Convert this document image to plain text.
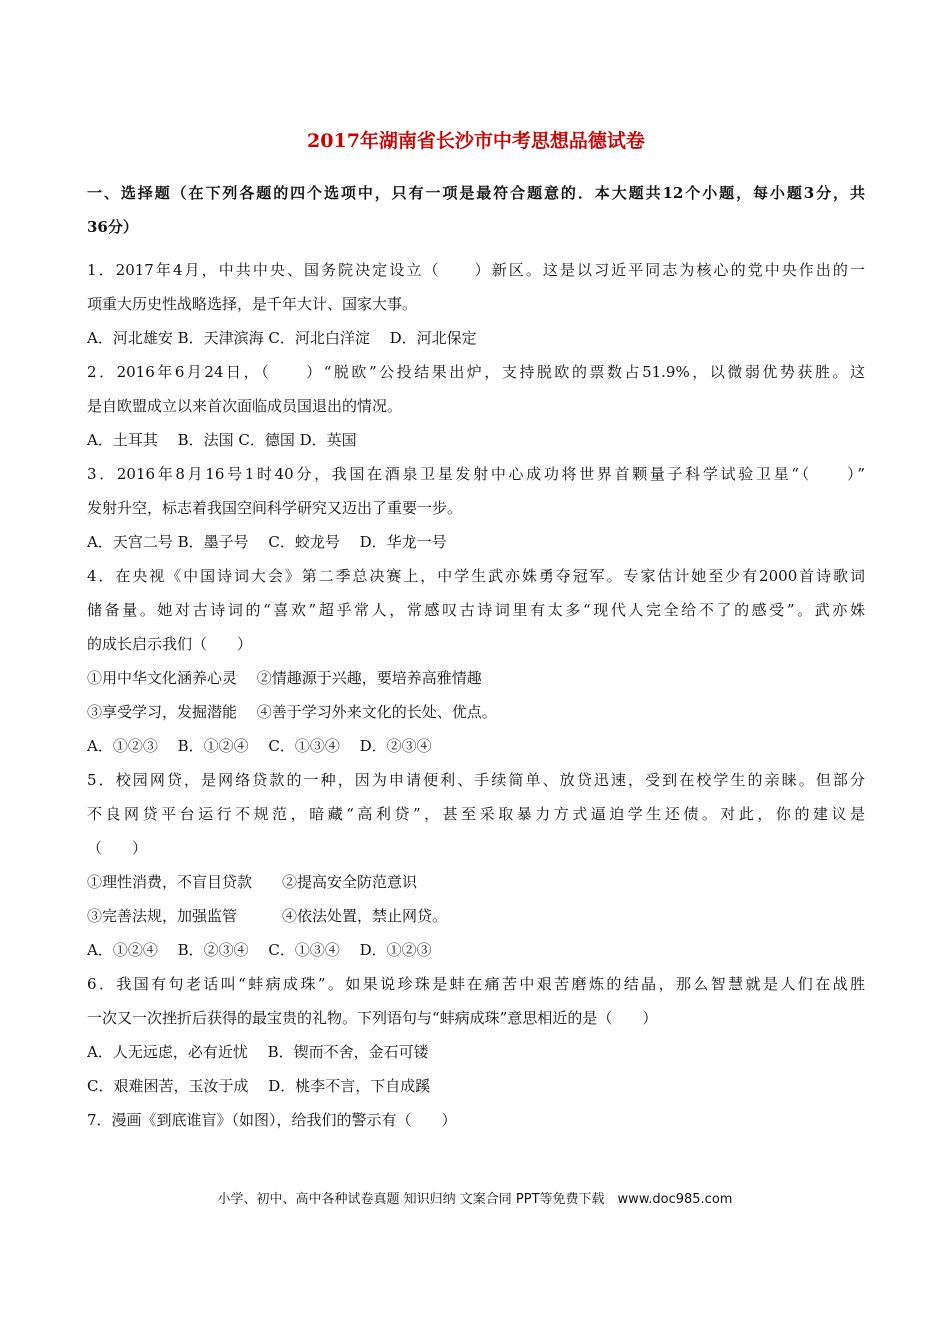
2017年湖南省长沙市中考思想品德试卷
一、选择题（在下列各题的四个选项中，只有一项是最符合题意的．本大题共12个小题，每小题3分，共
36分）
1．2017年4月，中共中央、国务院决定设立（　　）新区。这是以习近平同志为核心的党中央作出的一
项重大历史性战略选择，是千年大计、国家大事。
A．河北雄安 B．天津滨海 C．河北白洋淀　 D．河北保定
2．2016年6月24日，（　　）“脱欧”公投结果出炉，支持脱欧的票数占51.9%，以微弱优势获胜。这
是自欧盟成立以来首次面临成员国退出的情况。
A．土耳其　 B．法国 C．德国 D．英国
3．2016年8月16号1时40分，我国在酒泉卫星发射中心成功将世界首颗量子科学试验卫星“（　　）”
发射升空，标志着我国空间科学研究又迈出了重要一步。
A．天宫二号 B．墨子号　 C．蛟龙号　 D．华龙一号
4．在央视《中国诗词大会》第二季总决赛上，中学生武亦姝勇夺冠军。专家估计她至少有2000首诗歌词
储备量。她对古诗词的“喜欢”超乎常人，常感叹古诗词里有太多“现代人完全给不了的感受”。武亦姝
的成长启示我们（　　）
①用中华文化涵养心灵　 ②情趣源于兴趣，要培养高雅情趣
③享受学习，发掘潜能　 ④善于学习外来文化的长处、优点。
A．①②③　 B．①②④　 C．①③④　 D．②③④
5．校园网贷，是网络贷款的一种，因为申请便利、手续简单、放贷迅速，受到在校学生的亲睐。但部分
不良网贷平台运行不规范，暗藏“高利贷”，甚至采取暴力方式逼迫学生还债。对此，你的建议是
（　　）
①理性消费，不盲目贷款　　②提高安全防范意识
③完善法规，加强监管　　　④依法处置，禁止网贷。
A．①②④　 B．②③④　 C．①③④　 D．①②③
6．我国有句老话叫“蚌病成珠”。如果说珍珠是蚌在痛苦中艰苦磨炼的结晶，那么智慧就是人们在战胜
一次又一次挫折后获得的最宝贵的礼物。下列语句与“蚌病成珠”意思相近的是（　　）
A．人无远虑，必有近忧　 B．锲而不舍，金石可镂
C．艰难困苦，玉汝于成　 D．桃李不言，下自成蹊
7．漫画《到底谁盲》（如图），给我们的警示有（　　）
小学、初中、高中各种试卷真题 知识归纳 文案合同 PPT等免费下载　www.doc985.com
